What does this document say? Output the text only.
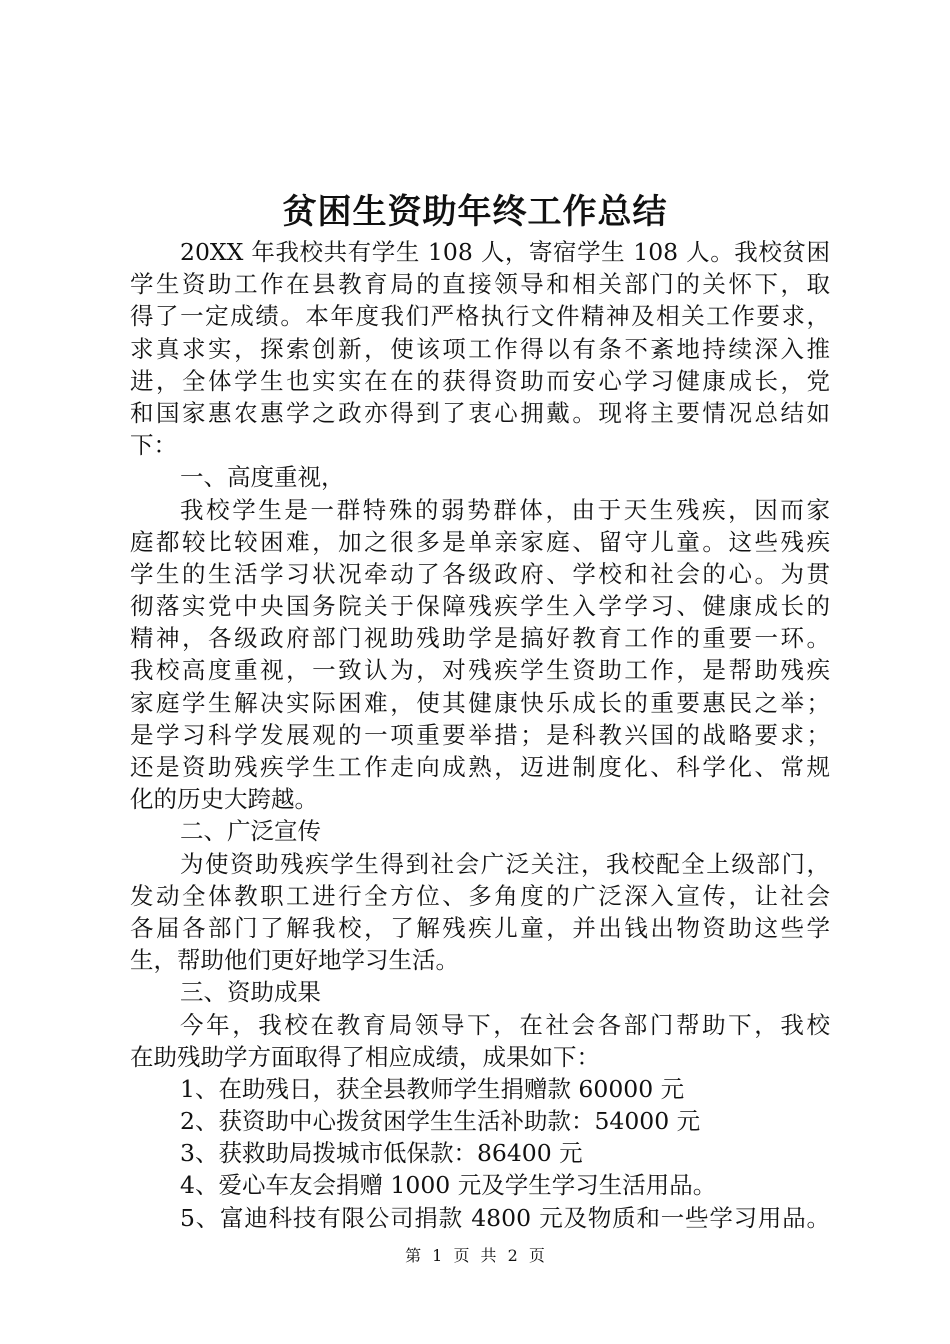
贫困生资助年终工作总结
20XX 年我校共有学生 108 人，寄宿学生 108 人。我校贫困
学生资助工作在县教育局的直接领导和相关部门的关怀下，取
得了一定成绩。本年度我们严格执行文件精神及相关工作要求，
求真求实，探索创新，使该项工作得以有条不紊地持续深入推
进，全体学生也实实在在的获得资助而安心学习健康成长，党
和国家惠农惠学之政亦得到了衷心拥戴。现将主要情况总结如
下：
一、高度重视，
我校学生是一群特殊的弱势群体，由于天生残疾，因而家
庭都较比较困难，加之很多是单亲家庭、留守儿童。这些残疾
学生的生活学习状况牵动了各级政府、学校和社会的心。为贯
彻落实党中央国务院关于保障残疾学生入学学习、健康成长的
精神，各级政府部门视助残助学是搞好教育工作的重要一环。
我校高度重视，一致认为，对残疾学生资助工作，是帮助残疾
家庭学生解决实际困难，使其健康快乐成长的重要惠民之举；
是学习科学发展观的一项重要举措；是科教兴国的战略要求；
还是资助残疾学生工作走向成熟，迈进制度化、科学化、常规
化的历史大跨越。
二、广泛宣传
为使资助残疾学生得到社会广泛关注，我校配全上级部门，
发动全体教职工进行全方位、多角度的广泛深入宣传，让社会
各届各部门了解我校，了解残疾儿童，并出钱出物资助这些学
生，帮助他们更好地学习生活。
三、资助成果
今年，我校在教育局领导下，在社会各部门帮助下，我校
在助残助学方面取得了相应成绩，成果如下：
1、在助残日，获全县教师学生捐赠款 60000 元
2、获资助中心拨贫困学生生活补助款：54000 元
3、获救助局拨城市低保款：86400 元
4、爱心车友会捐赠 1000 元及学生学习生活用品。
5、富迪科技有限公司捐款 4800 元及物质和一些学习用品。
第 1 页 共 2 页
